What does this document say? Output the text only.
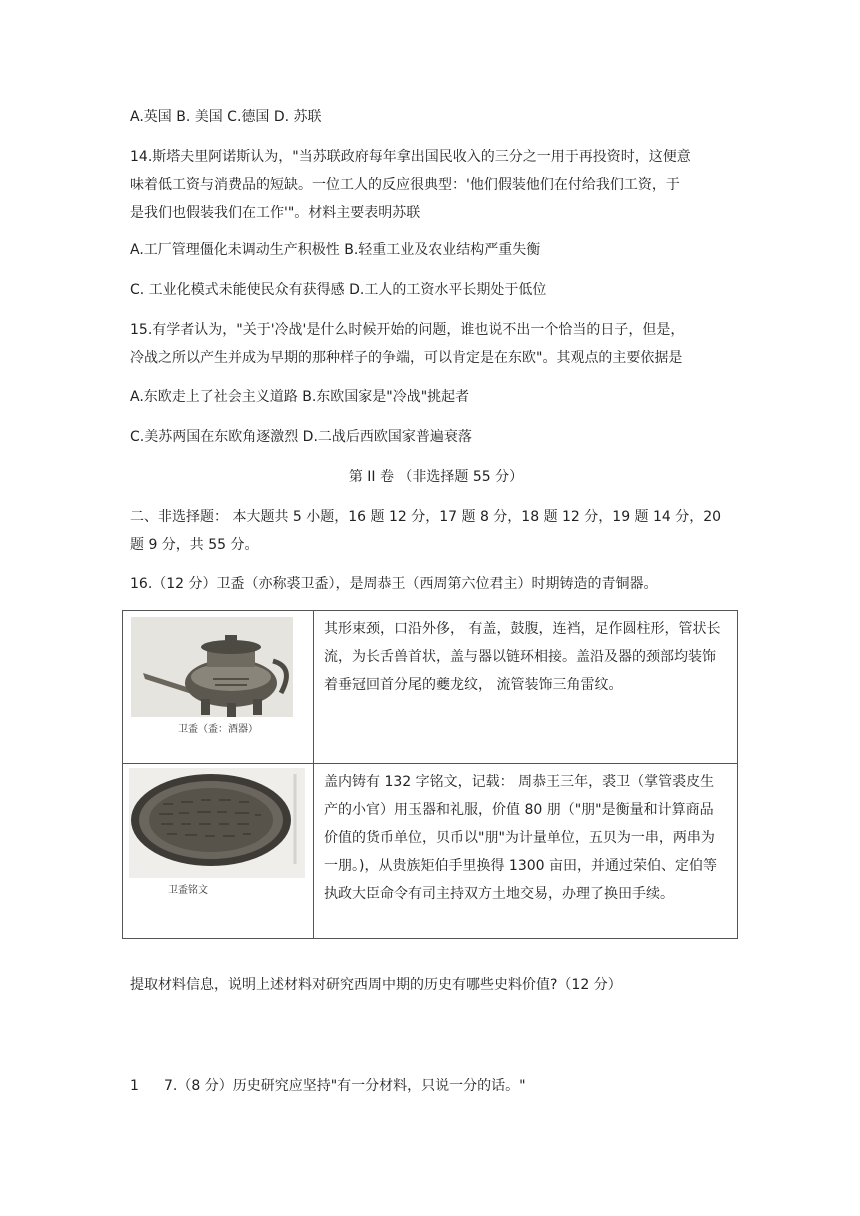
A.英国 B. 美国 C.德国 D. 苏联
14.斯塔夫里阿诺斯认为，"当苏联政府每年拿出国民收入的三分之一用于再投资时，这便意
味着低工资与消费品的短缺。一位工人的反应很典型：'他们假装他们在付给我们工资，于
是我们也假装我们在工作'"。材料主要表明苏联
A.工厂管理僵化未调动生产积极性 B.轻重工业及农业结构严重失衡
C. 工业化模式未能使民众有获得感 D.工人的工资水平长期处于低位
15.有学者认为，"关于'冷战'是什么时候开始的问题，谁也说不出一个恰当的日子，但是，
冷战之所以产生并成为早期的那种样子的争端，可以肯定是在东欧"。其观点的主要依据是
A.东欧走上了社会主义道路 B.东欧国家是"冷战"挑起者
C.美苏两国在东欧角逐激烈 D.二战后西欧国家普遍衰落
第 II 卷 （非选择题 55 分）
二、非选择题： 本大题共 5 小题，16 题 12 分，17 题 8 分，18 题 12 分，19 题 14 分，20
题 9 分，共 55 分。
16.（12 分）卫盉（亦称裘卫盉），是周恭王（西周第六位君主）时期铸造的青铜器。
卫盉（盉：酒器）	其形束颈，口沿外侈， 有盖，鼓腹，连裆，足作圆柱形，管状长流，为长舌兽首状，盖与器以链环相接。盖沿及器的颈部均装饰着垂冠回首分尾的夔龙纹， 流管装饰三角雷纹。

卫盉铭文	盖内铸有 132 字铭文，记载： 周恭王三年，裘卫（掌管裘皮生产的小官）用玉器和礼服，价值 80 朋（"朋"是衡量和计算商品价值的货币单位，贝币以"朋"为计量单位，五贝为一串，两串为一朋。)，从贵族矩伯手里换得 1300 亩田，并通过荣伯、定伯等执政大臣命令有司主持双方土地交易，办理了换田手续。
提取材料信息，说明上述材料对研究西周中期的历史有哪些史料价值?（12 分）
1 7.（8 分）历史研究应坚持"有一分材料，只说一分的话。"
